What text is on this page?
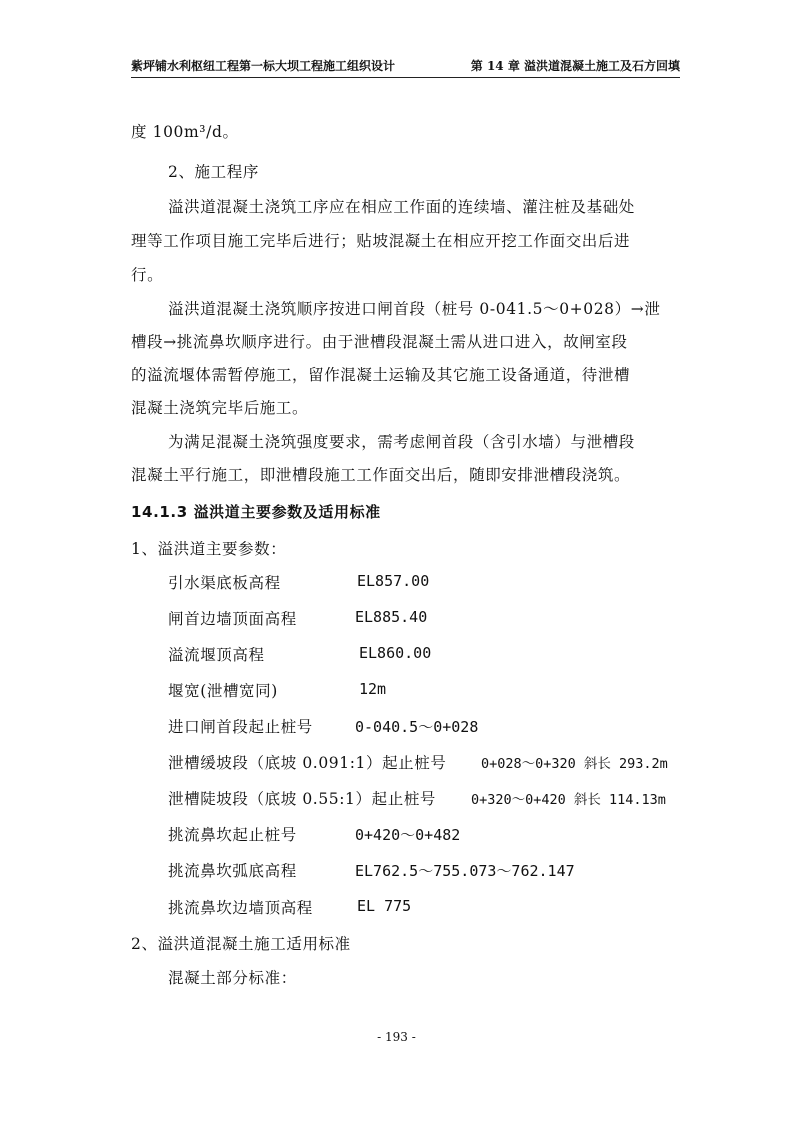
紫坪铺水利枢纽工程第一标大坝工程施工组织设计	第 14 章 溢洪道混凝土施工及石方回填
度 100m³/d。
2、施工程序
溢洪道混凝土浇筑工序应在相应工作面的连续墙、灌注桩及基础处
理等工作项目施工完毕后进行；贴坡混凝土在相应开挖工作面交出后进
行。
溢洪道混凝土浇筑顺序按进口闸首段（桩号 0-041.5～0+028）→泄
槽段→挑流鼻坎顺序进行。由于泄槽段混凝土需从进口进入，故闸室段
的溢流堰体需暂停施工，留作混凝土运输及其它施工设备通道，待泄槽
混凝土浇筑完毕后施工。
为满足混凝土浇筑强度要求，需考虑闸首段（含引水墙）与泄槽段
混凝土平行施工，即泄槽段施工工作面交出后，随即安排泄槽段浇筑。
14.1.3 溢洪道主要参数及适用标准
1、溢洪道主要参数：
引水渠底板高程	EL857.00
闸首边墙顶面高程	EL885.40
溢流堰顶高程	EL860.00
堰宽(泄槽宽同)	12m
进口闸首段起止桩号	0-040.5～0+028
泄槽缓坡段（底坡 0.091:1）起止桩号	0+028～0+320 斜长 293.2m
泄槽陡坡段（底坡 0.55:1）起止桩号	0+320～0+420 斜长 114.13m
挑流鼻坎起止桩号	0+420～0+482
挑流鼻坎弧底高程	EL762.5～755.073～762.147
挑流鼻坎边墙顶高程	EL 775
2、溢洪道混凝土施工适用标准
混凝土部分标准：
- 193 -
